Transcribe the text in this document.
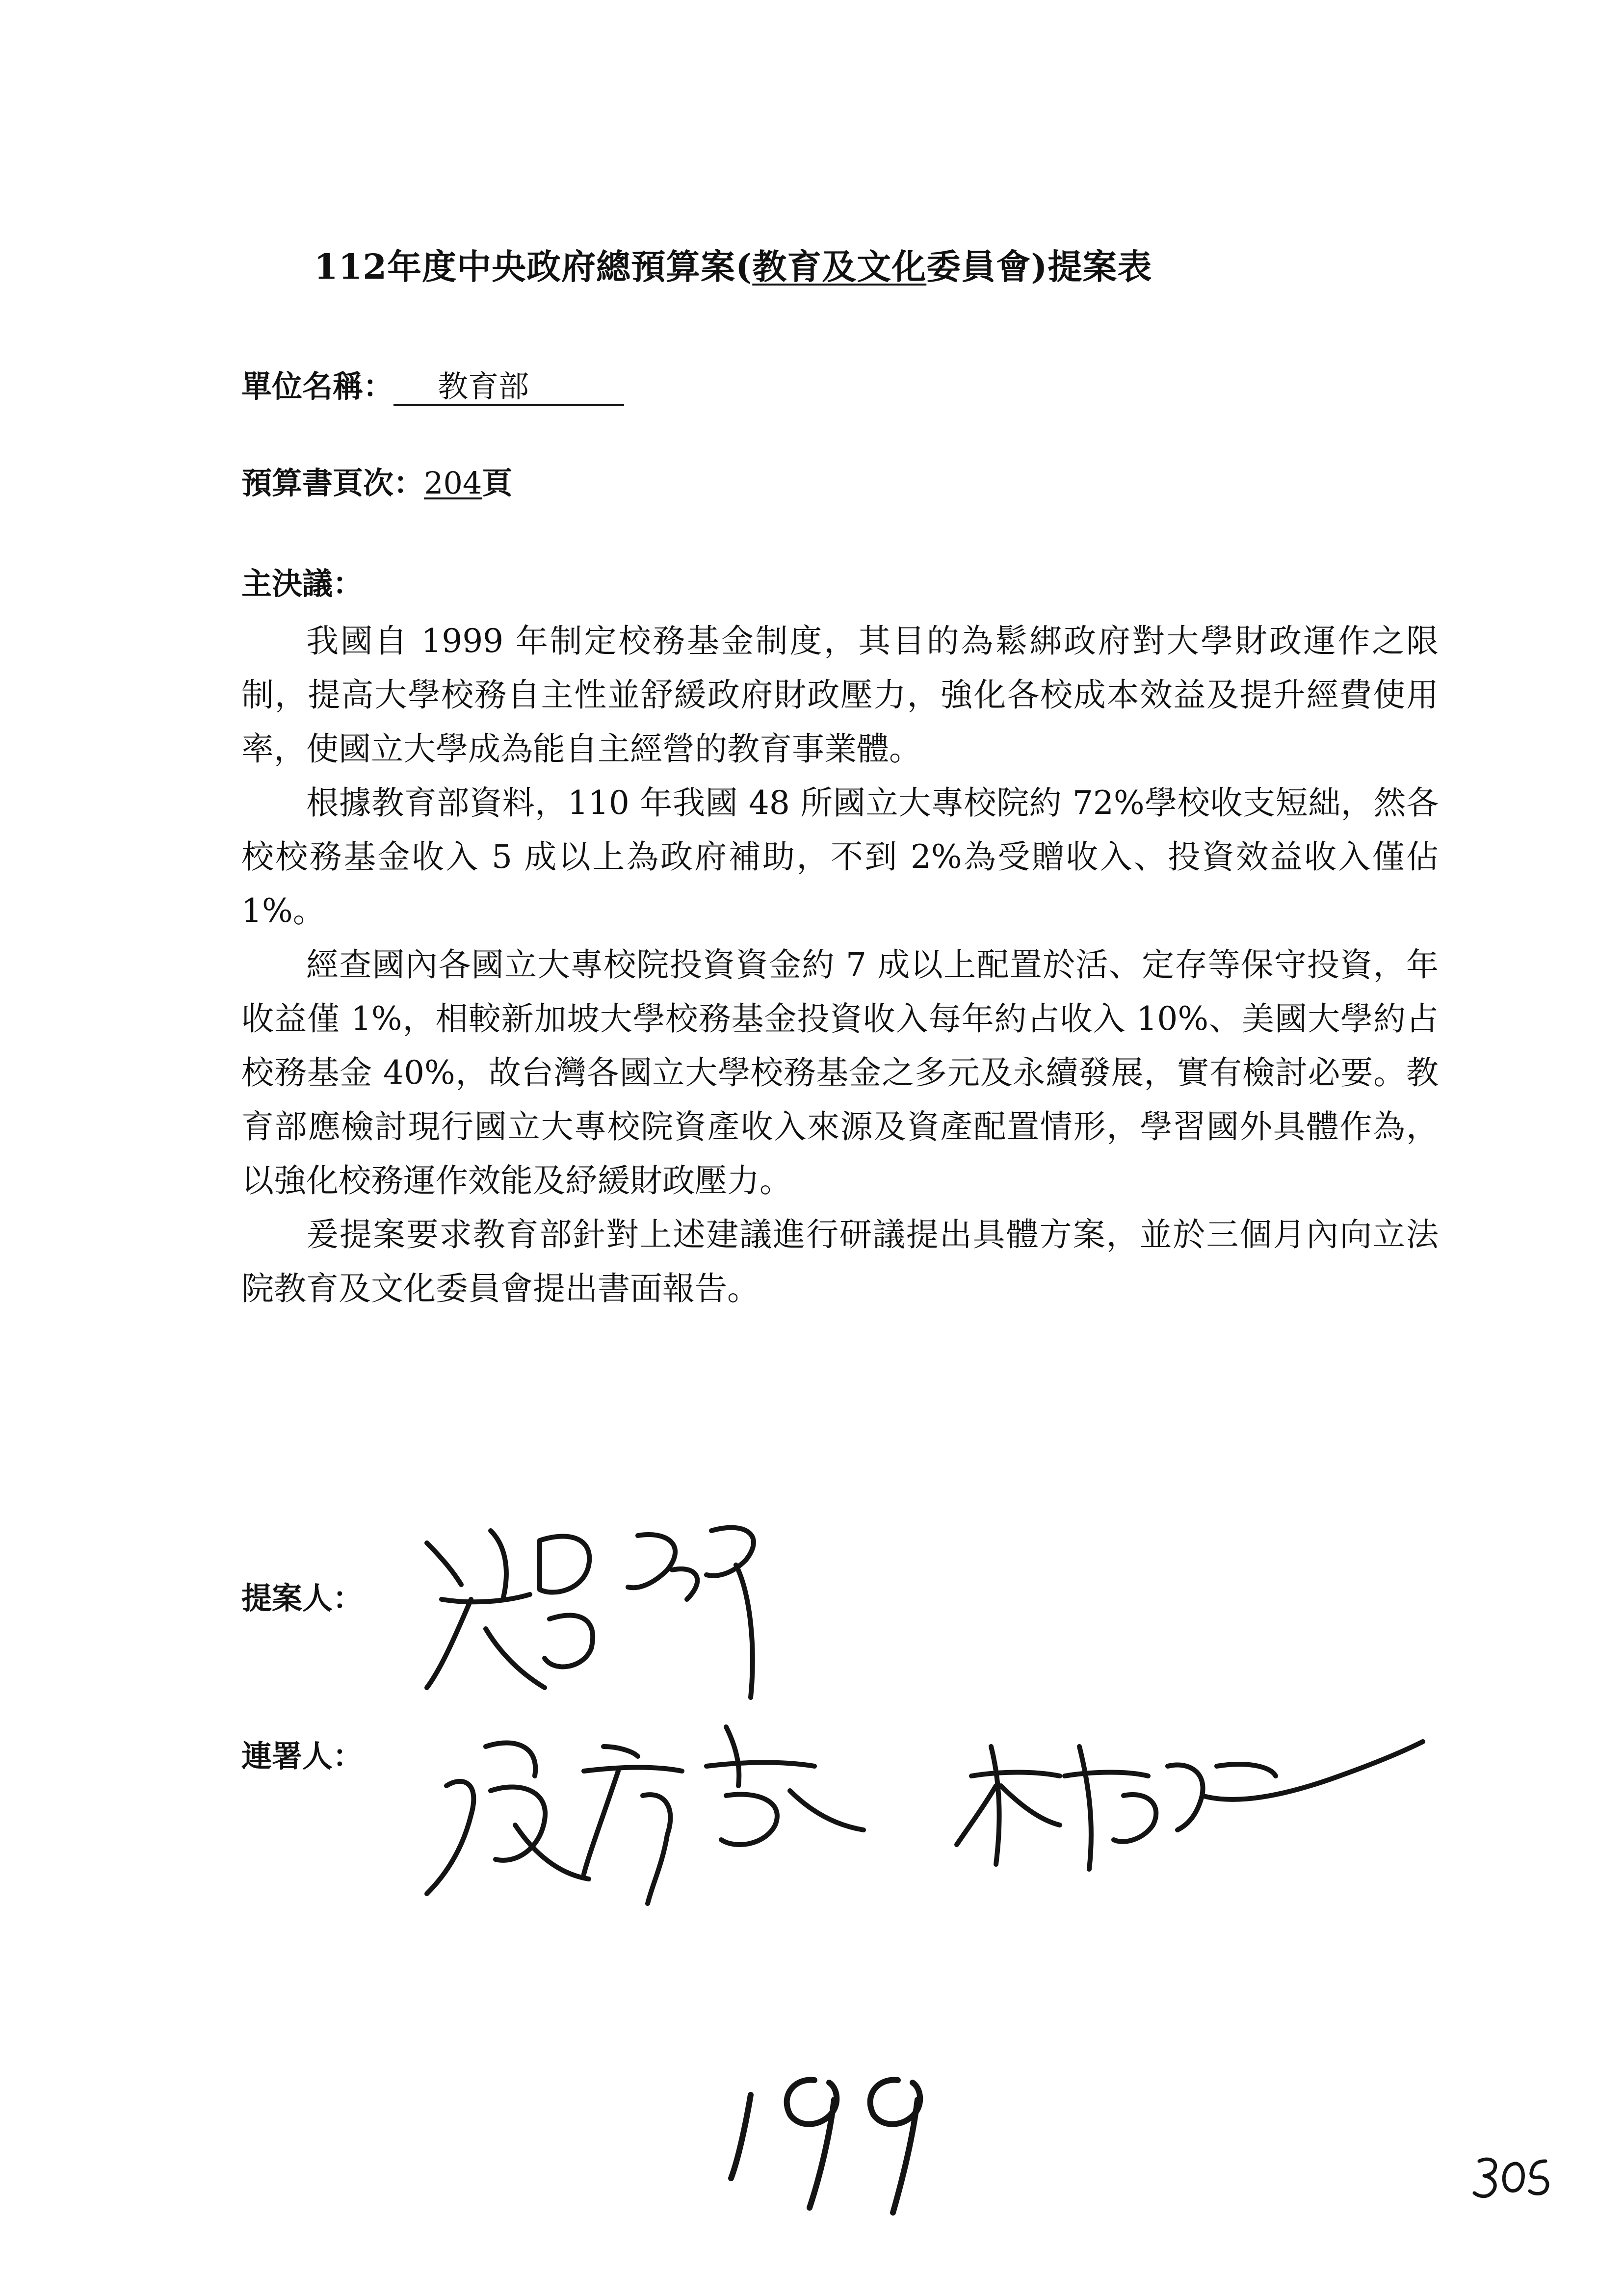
112年度中央政府總預算案(教育及文化委員會)提案表
單位名稱： 教育部
預算書頁次：204頁
主決議：

我國自 1999 年制定校務基金制度，其目的為鬆綁政府對大學財政運作之限制，提高大學校務自主性並舒緩政府財政壓力，強化各校成本效益及提升經費使用率，使國立大學成為能自主經營的教育事業體。

根據教育部資料，110 年我國 48 所國立大專校院約 72%學校收支短絀，然各校校務基金收入 5 成以上為政府補助，不到 2%為受贈收入、投資效益收入僅佔 1%。

經查國內各國立大專校院投資資金約 7 成以上配置於活、定存等保守投資，年收益僅 1%，相較新加坡大學校務基金投資收入每年約占收入 10%、美國大學約占校務基金 40%，故台灣各國立大學校務基金之多元及永續發展，實有檢討必要。教育部應檢討現行國立大專校院資產收入來源及資產配置情形，學習國外具體作為，以強化校務運作效能及紓緩財政壓力。

爰提案要求教育部針對上述建議進行研議提出具體方案，並於三個月內向立法院教育及文化委員會提出書面報告。

提案人：
連署人：
